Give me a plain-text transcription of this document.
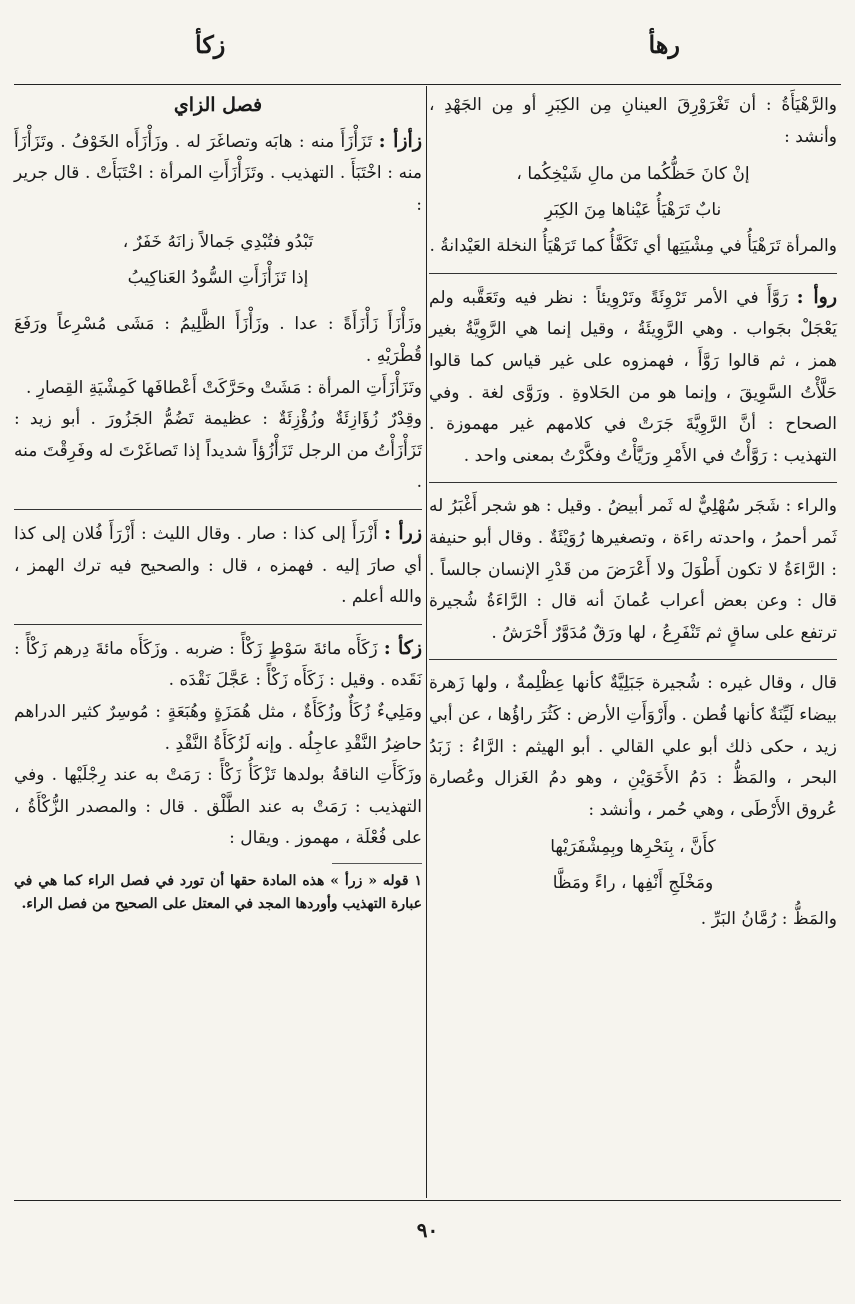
رهأ
زكأ

والرَّهْيَأَةُ : أن تَغْرَوْرِقَ العينانِ مِن الكِبَرِ أو مِن الجَهْدِ ، وأنشد :

إنْ كانَ حَظُّكُما من مالِ شَيْخِكُما ،

نابٌ تَرَهْيَأُ عَيْناها مِنَ الكِبَرِ

والمرأة تَرَهْيَأُ في مِشْيَتِها أي تَكَفَّأُ كما تَرَهْيَأُ النخلة العَيْدانةُ .

روأ : رَوَّأَ في الأمر تَرْوِئَةً وتَرْوِيئاً : نظر فيه وتَعَقَّبه ولم يَعْجَلْ بجَواب . وهي الرَّوِيئَةُ ، وقيل إنما هي الرَّوِيَّةُ بغير همز ، ثم قالوا رَوَّأَ ، فهمزوه على غير قياس كما قالوا حَلَّأْتُ السَّوِيقَ ، وإنما هو من الحَلاوةِ . ورَوَّى لغة . وفي الصحاح : أنَّ الرَّوِيَّةَ جَرَتْ في كلامهم غير مهموزة . التهذيب : رَوَّأْتُ في الأَمْرِ ورَيَّأْتُ وفكَّرْتُ بمعنى واحد .

والراء : شَجَر سُهْلِيٌّ له ثَمر أبيضُ . وقيل : هو شجر أَغْبَرُ له ثَمر أحمرُ ، واحدته راءَة ، وتصغيرها رُوَيْئَةٌ . وقال أبو حنيفة : الرَّاءَةُ لا تكون أَطْوَلَ ولا أَعْرَضَ من قَدْرِ الإنسان جالساً . قال : وعن بعض أعراب عُمانَ أنه قال : الرَّاءَةُ شُجيرة ترتفع على ساقٍ ثم تَنْفَرِعُ ، لها ورَقٌ مُدَوَّرٌ أَحْرَشُ .

قال ، وقال غيره : شُجيرة جَبَلِيَّةٌ كأنها عِظْلِمةٌ ، ولها زَهرة بيضاء لَيِّنَةٌ كأنها قُطن . وأَرْوَأَتِ الأرض : كَثُرَ راؤُها ، عن أبي زيد ، حكى ذلك أبو علي القالي . أبو الهيثم : الرَّاءُ : زَبَدُ البحر ، والمَظُّ : دَمُ الأَخَوَيْنِ ، وهو دمُ الغَزال وعُصارة عُروق الأَرْطَى ، وهي حُمر ، وأنشد :

كأَنَّ ، بِنَحْرِها وبِمِشْفَرَيْها

ومَخْلَجِ أَنْفِها ، راءً ومَظَّا

والمَظُّ : رُمَّانُ البَرِّ .

فصل الزاي

زأزأ : تَزَأْزَأَ منه : هابَه وتصاغَرَ له . وزَأْزَأَه الخَوْفُ . وتَزَأْزَأَ منه : اخْتَبَأَ . التهذيب . وتَزَأْزَأَتِ المرأة : اخْتَبَأَتْ . قال جرير :

تَبْدُو فتُبْدِي جَمالاً زانَهُ خَفَرٌ ،

إذا تَزَأْزَأَتِ السُّودُ العَناكِيبُ

وزَأْزَأَ زَأْزَأَةً : عدا . وزَأْزَأَ الظَّلِيمُ : مَشَى مُسْرِعاً ورَفَعَ قُطْرَيْهِ .

وتَزَأْزَأَتِ المرأة : مَشَتْ وحَرَّكَتْ أَعْطافَها كَمِشْيَةِ القِصارِ .

وقِدْرٌ زُؤَازِئَةٌ وزُؤْزِئَةٌ : عظيمة تَضُمُّ الجَزُورَ . أبو زيد : تَزَأْزَأْتُ من الرجل تَزَأْزُؤاً شديداً إذا تَصاغَرْتَ له وفَرِقْتَ منه .

زرأ : أَزْرَأَ إلى كذا : صار . وقال الليث : أَزْرَأَ فُلان إلى كذا أي صارَ إليه . فهمزه ، قال : والصحيح فيه ترك الهمز ، والله أعلم .

زكأ : زَكَأَه مائةَ سَوْطٍ زَكْأً : ضربه . وزَكَأَه مائةَ دِرهم زَكْأً : نَقَده . وقيل : زَكَأَه زَكْأً : عَجَّلَ نَقْدَه .

ومَلِيءٌ زُكَأٌ وزُكَأَةٌ ، مثل هُمَزَةٍ وهُبَعَةٍ : مُوسِرٌ كثير الدراهم حاضِرُ النَّقْدِ عاجِلُه . وإنه لَزُكَأَةُ النَّقْدِ .

وزَكَأَتِ الناقةُ بولدها تَزْكَأُ زَكْأً : رَمَتْ به عند رِجْلَيْها . وفي التهذيب : رَمَتْ به عند الطَّلْق . قال : والمصدر الزُّكْأَةُ ، على فُعْلَة ، مهموز . ويقال :

١ قوله « زرأ » هذه المادة حقها أن تورد في فصل الراء كما هي في عبارة التهذيب وأوردها المجد في المعتل على الصحيح من فصل الراء.

٩٠
